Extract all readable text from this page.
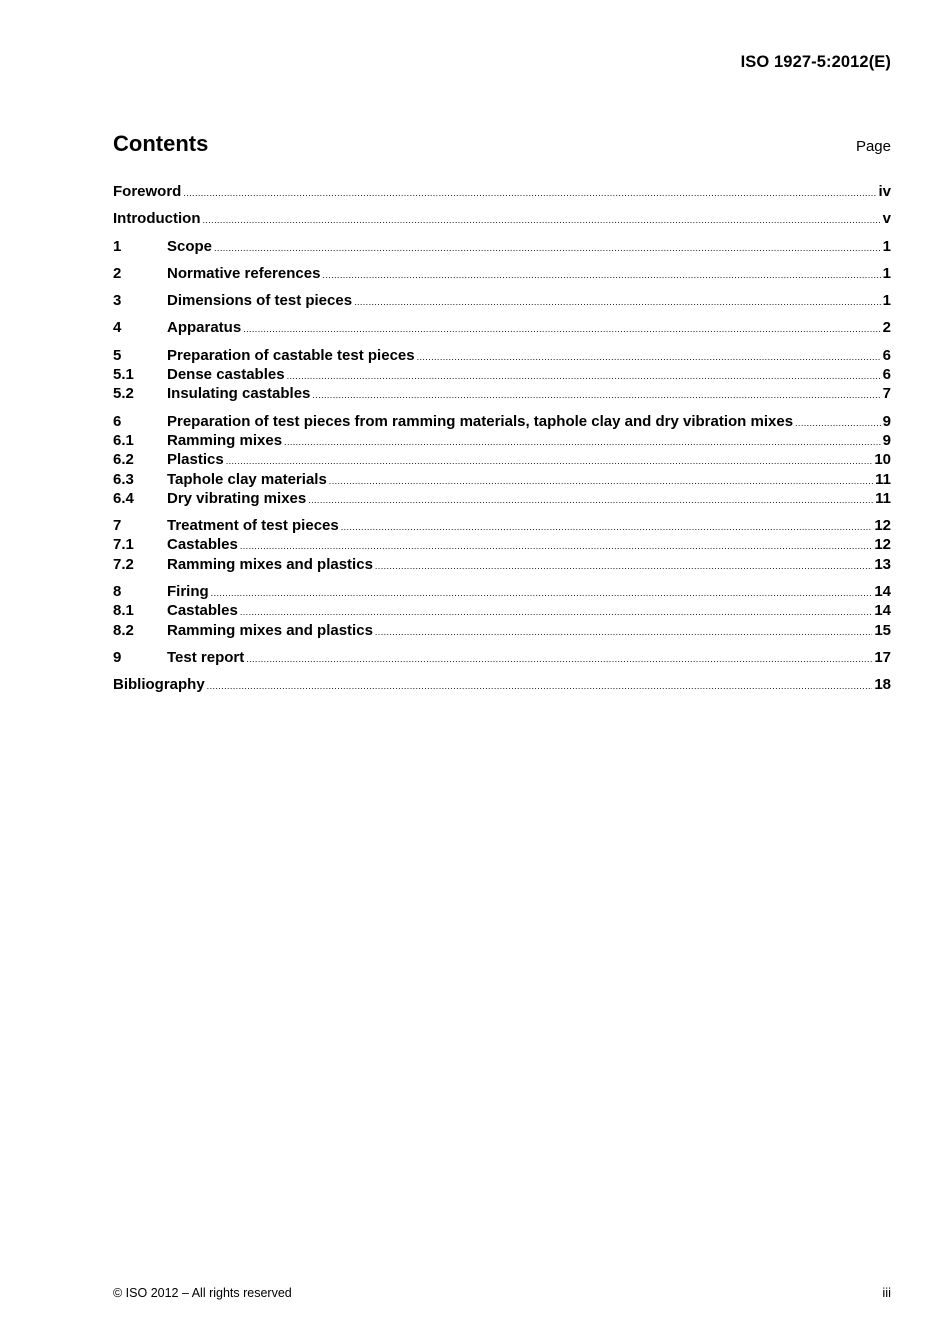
ISO 1927-5:2012(E)
Contents	Page
Foreword .....	iv
Introduction .....	v
1	Scope .....	1
2	Normative references .....	1
3	Dimensions of test pieces .....	1
4	Apparatus .....	2
5	Preparation of castable test pieces .....	6
5.1	Dense castables .....	6
5.2	Insulating castables .....	7
6	Preparation of test pieces from ramming materials, taphole clay and dry vibration mixes .....	9
6.1	Ramming mixes .....	9
6.2	Plastics .....	10
6.3	Taphole clay materials .....	11
6.4	Dry vibrating mixes .....	11
7	Treatment of test pieces .....	12
7.1	Castables .....	12
7.2	Ramming mixes and plastics .....	13
8	Firing .....	14
8.1	Castables .....	14
8.2	Ramming mixes and plastics .....	15
9	Test report .....	17
Bibliography .....	18
© ISO 2012 – All rights reserved	iii
